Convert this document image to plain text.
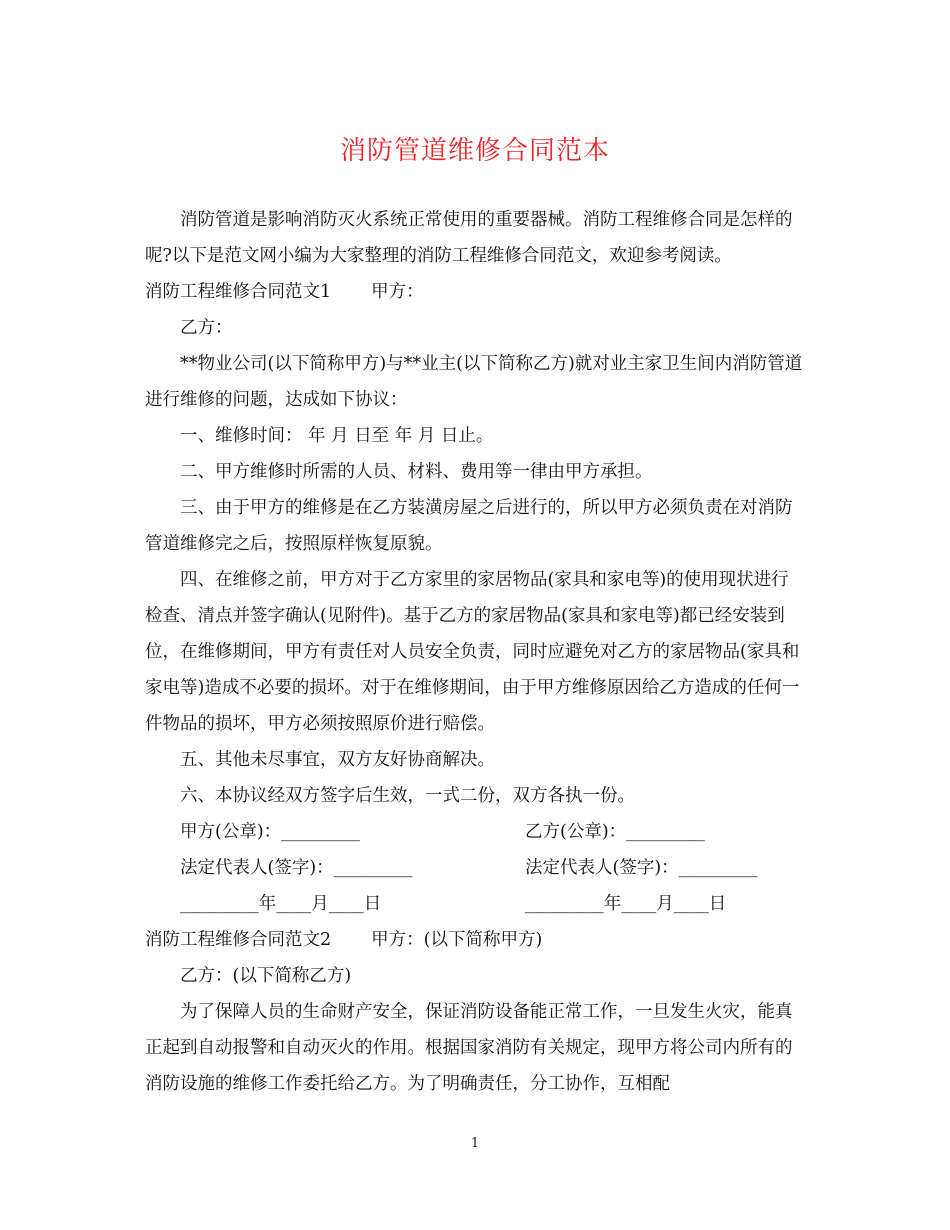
消防管道维修合同范本

消防管道是影响消防灭火系统正常使用的重要器械。消防工程维修合同是怎样的呢?以下是范文网小编为大家整理的消防工程维修合同范文，欢迎参考阅读。

消防工程维修合同范文1 甲方：

乙方：

**物业公司(以下简称甲方)与**业主(以下简称乙方)就对业主家卫生间内消防管道进行维修的问题，达成如下协议：

一、维修时间： 年 月 日至 年 月 日止。

二、甲方维修时所需的人员、材料、费用等一律由甲方承担。

三、由于甲方的维修是在乙方装潢房屋之后进行的，所以甲方必须负责在对消防管道维修完之后，按照原样恢复原貌。

四、在维修之前，甲方对于乙方家里的家居物品(家具和家电等)的使用现状进行检查、清点并签字确认(见附件)。基于乙方的家居物品(家具和家电等)都已经安装到位，在维修期间，甲方有责任对人员安全负责，同时应避免对乙方的家居物品(家具和家电等)造成不必要的损坏。对于在维修期间，由于甲方维修原因给乙方造成的任何一件物品的损坏，甲方必须按照原价进行赔偿。

五、其他未尽事宜，双方友好协商解决。

六、本协议经双方签字后生效，一式二份，双方各执一份。

甲方(公章)：_________	乙方(公章)：_________
法定代表人(签字)：_________	法定代表人(签字)：_________
_________年____月____日	_________年____月____日
消防工程维修合同范文2 甲方：(以下简称甲方)

乙方：(以下简称乙方)

为了保障人员的生命财产安全，保证消防设备能正常工作，一旦发生火灾，能真正起到自动报警和自动灭火的作用。根据国家消防有关规定，现甲方将公司内所有的消防设施的维修工作委托给乙方。为了明确责任，分工协作，互相配

1
